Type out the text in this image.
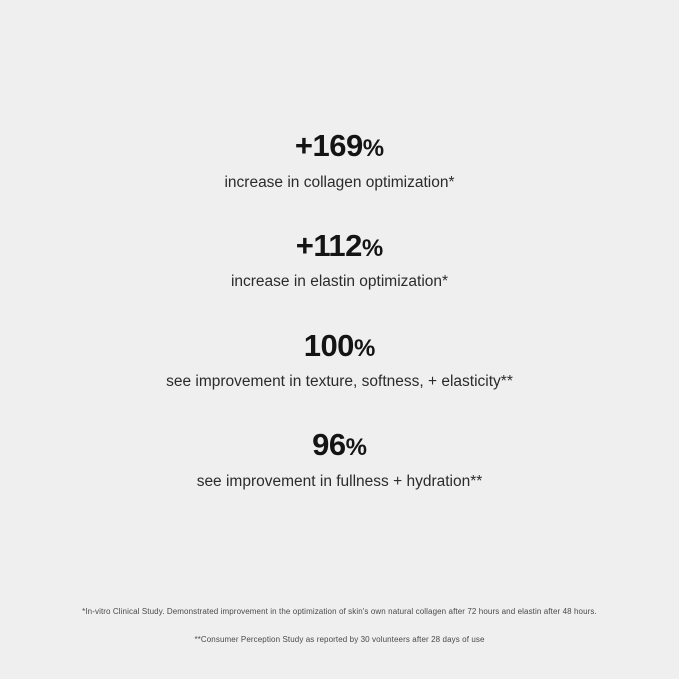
+169%
increase in collagen optimization*
+112%
increase in elastin optimization*
100%
see improvement in texture, softness, + elasticity**
96%
see improvement in fullness + hydration**
*In-vitro Clinical Study. Demonstrated improvement in the optimization of skin's own natural collagen after 72 hours and elastin after 48 hours.
**Consumer Perception Study as reported by 30 volunteers after 28 days of use
